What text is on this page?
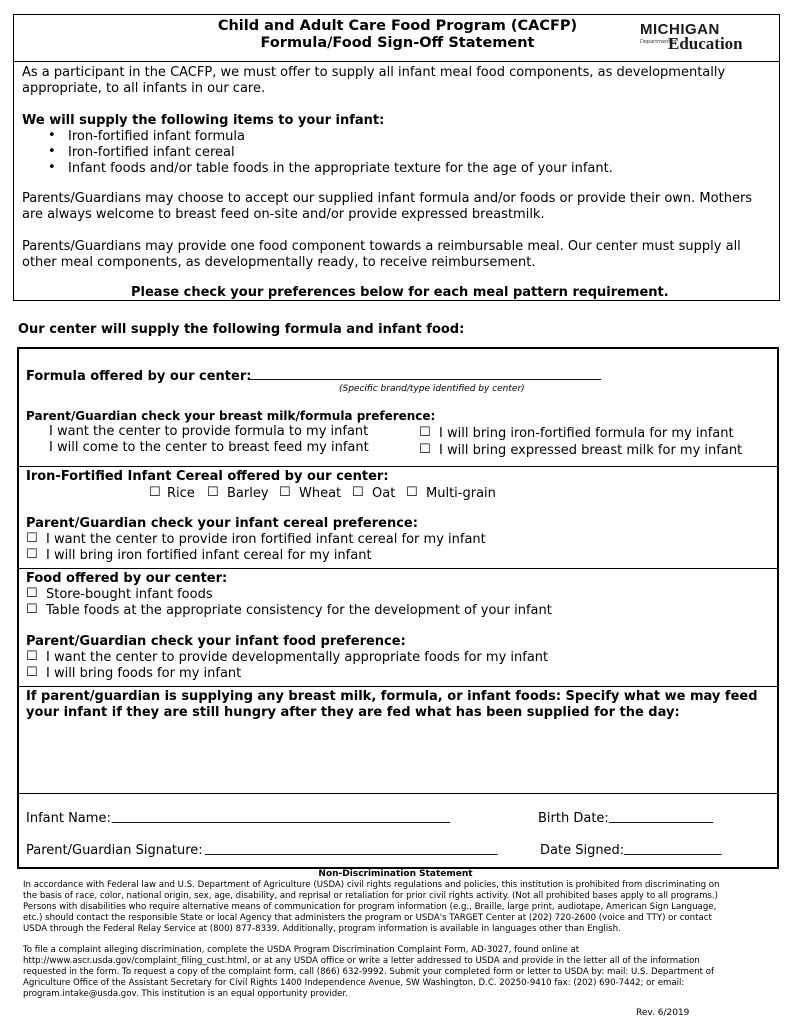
Child and Adult Care Food Program (CACFP)
Formula/Food Sign-Off Statement
MICHIGAN
Department of
Education
As a participant in the CACFP, we must offer to supply all infant meal food components, as developmentally
appropriate, to all infants in our care.
We will supply the following items to your infant:
• Iron-fortified infant formula
• Iron-fortified infant cereal
• Infant foods and/or table foods in the appropriate texture for the age of your infant.
Parents/Guardians may choose to accept our supplied infant formula and/or foods or provide their own. Mothers
are always welcome to breast feed on-site and/or provide expressed breastmilk.
Parents/Guardians may provide one food component towards a reimbursable meal. Our center must supply all
other meal components, as developmentally ready, to receive reimbursement.
Please check your preferences below for each meal pattern requirement.
Our center will supply the following formula and infant food:
Formula offered by our center:
______________________________________________________
(Specific brand/type identified by center)
Parent/Guardian check your breast milk/formula preference:
I want the center to provide formula to my infant
I will come to the center to breast feed my infant
☐ I will bring iron-fortified formula for my infant
☐ I will bring expressed breast milk for my infant
Iron-Fortified Infant Cereal offered by our center:
☐ Rice ☐ Barley ☐ Wheat ☐ Oat ☐ Multi-grain
Parent/Guardian check your infant cereal preference:
☐ I want the center to provide iron fortified infant cereal for my infant
☐ I will bring iron fortified infant cereal for my infant
Food offered by our center:
☐ Store-bought infant foods
☐ Table foods at the appropriate consistency for the development of your infant
Parent/Guardian check your infant food preference:
☐ I want the center to provide developmentally appropriate foods for my infant
☐ I will bring foods for my infant
If parent/guardian is supplying any breast milk, formula, or infant foods: Specify what we may feed
your infant if they are still hungry after they are fed what has been supplied for the day:
Infant Name: ____________________________________________________	Birth Date: ________________
Parent/Guardian Signature: _____________________________________________	Date Signed: _______________
Non-Discrimination Statement
In accordance with Federal law and U.S. Department of Agriculture (USDA) civil rights regulations and policies, this institution is prohibited from discriminating on
the basis of race, color, national origin, sex, age, disability, and reprisal or retaliation for prior civil rights activity. (Not all prohibited bases apply to all programs.)
Persons with disabilities who require alternative means of communication for program information (e.g., Braille, large print, audiotape, American Sign Language,
etc.) should contact the responsible State or local Agency that administers the program or USDA's TARGET Center at (202) 720-2600 (voice and TTY) or contact
USDA through the Federal Relay Service at (800) 877-8339. Additionally, program information is available in languages other than English.
To file a complaint alleging discrimination, complete the USDA Program Discrimination Complaint Form, AD-3027, found online at
http://www.ascr.usda.gov/complaint_filing_cust.html, or at any USDA office or write a letter addressed to USDA and provide in the letter all of the information
requested in the form. To request a copy of the complaint form, call (866) 632-9992. Submit your completed form or letter to USDA by: mail: U.S. Department of
Agriculture Office of the Assistant Secretary for Civil Rights 1400 Independence Avenue, SW Washington, D.C. 20250-9410 fax: (202) 690-7442; or email:
program.intake@usda.gov. This institution is an equal opportunity provider.
Rev. 6/2019
